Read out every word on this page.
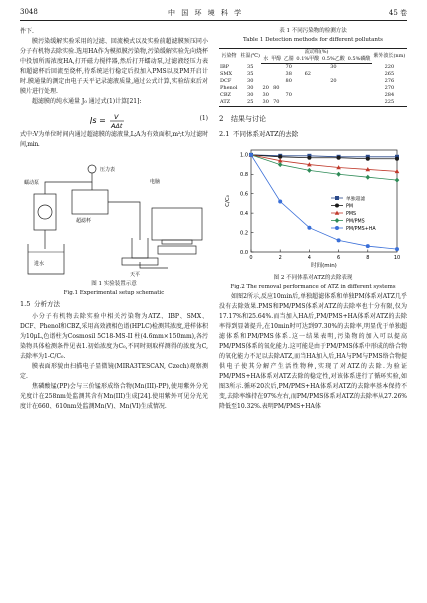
3048	中 国 环 境 科 学	45 卷

件下.

膜污染缓解实验采用的过滤、回流模式以及实验前超滤膜预压同小分子有机物去除实验.选用HA作为模拟膜污染物,污染缓解实验先向烧杯中投加所需浓度HA,打开磁力搅拌器,然后打开蠕动泵,过滤液经压力表和超滤杯后回流至烧杯,待系统运行稳定后投加入PMS以及PM开启计时.膜通量的测定由电子天平记录滤液质量,通过公式计算,实验结束后对膜片进行处理.

超滤膜的纯水通量 J₀ 通过式(1)计算[21]:

Js = V
AΔt
(1)

式中:V为单位时间内通过超滤膜的滤液量,L;A为有效面积,m²;t为过滤时间,min.

蠕动泵
压力表
超滤杯
电脑
进水
天平

图 1 实验装置示意

Fig.1 Experimental setup schematic

1.5 分析方法

小分子有机物去除实验中相关污染物为ATZ、IBP、SMX、DCF、Phenol和CBZ,采用高效液相色谱(HPLC)检测其浓度,进样体积为10μL,色谱柱为Cosmosil 5C18-MS-II 柱(4.6mm×150mm),各污染物具体检测条件见表1.初始浓度为C₀,不同时刻取样测得的浓度为C,去除率为1-C/C₀.

膜表面形貌由扫描电子显微镜(MIRA3TESCAN, Czech)观察测定.

焦磷酸锰(PP)会与三价锰形成络合物(Mn(III)-PP),使用紫外分光光度计在258nm处监测其含有Mn(III)生成[24].使用紫外可见分光光度计在660、610nm处监测Mn(V)、Mn(VI)生成情况.

表 1 不同污染物的检测方法

Table 1 Detection methods for different pollutants

污染物	柱温(℃)	流动相(%)						紫外波长(nm)
		水	甲醇	乙腈	0.1%甲酸	0.5%乙酸	0.5%磷酸	
IBP	35			70		30		220
SMX	35			38	62			265
DCF	30			80		20		276
Phenol	30	20	80					270
CBZ	30	30		70				284
ATZ	25	30	70					225

2 结果与讨论
2.1 不同体系对ATZ的去除
0	2	4	6	8	10
0.0
0.2
0.4
0.6
0.8
1.0
时间(min)
C/C₀	单独超滤
PM
PMS
PM/PMS
PM/PMS+HA

图 2 不同体系对ATZ的去除表现

Fig.2 The removal performance of ATZ in different systems

如图2所示,反应10min后,单独超滤体系和单独PM体系对ATZ几乎没有去除效果.PMS和PM/PMS体系对ATZ的去除率也十分有限,仅为17.17%和25.64%.而当加入HA后,PM/PMS+HA体系对ATZ的去除率得到显著提升,在10min时可达到97.30%的去除率,明显优于单独超滤体系和PM/PMS体系.这一结果表明,污染物的加入可以提高PM/PMS体系的氧化能力.这可能是由于PM/PMS体系中形成的络合物的氧化能力不足以去除ATZ,而当HA加入后,HA与PM与PMS络合物提供电子使其分解产生活性物种,实现了对ATZ的去除.为验证PM/PMS+HA体系对ATZ去除的稳定性,对该体系进行了循环实验,如图3所示.循环20次后,PM/PMS+HA体系对ATZ的去除率基本保持不变,去除率维持在97%左右,而PM/PMS体系对ATZ的去除率从27.26%降低至10.32%.表明PM/PMS+HA体
